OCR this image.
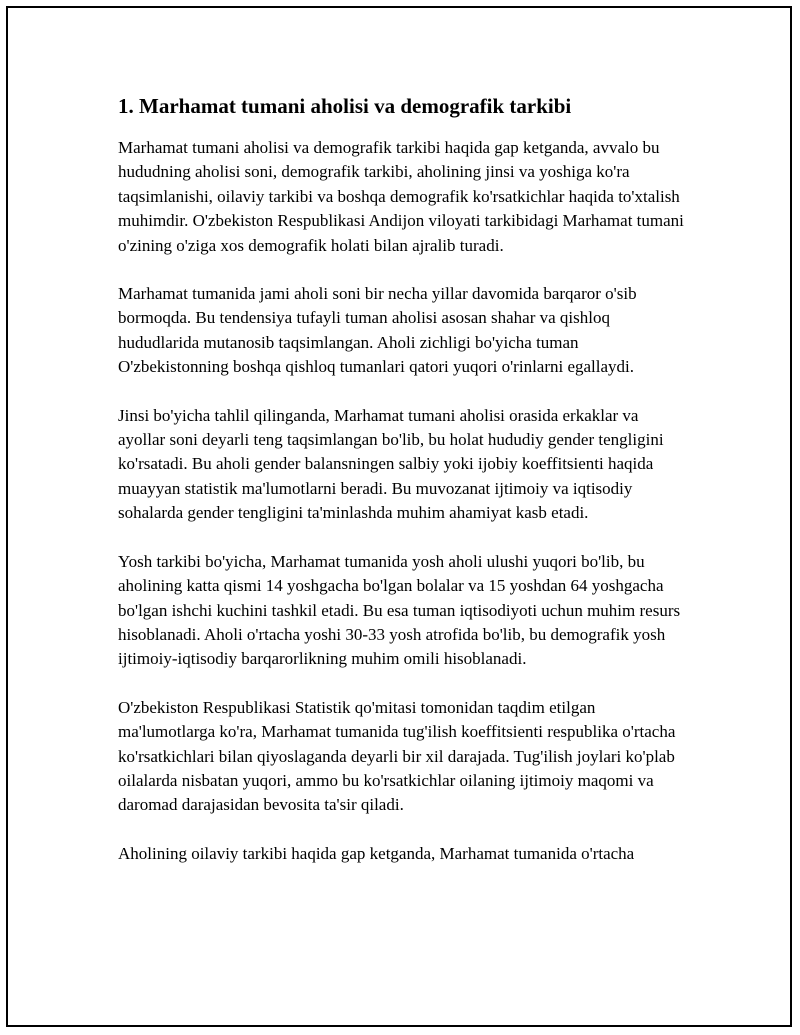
1. Marhamat tumani aholisi va demografik tarkibi

Marhamat tumani aholisi va demografik tarkibi haqida gap ketganda, avvalo bu hududning aholisi soni, demografik tarkibi, aholining jinsi va yoshiga ko'ra taqsimlanishi, oilaviy tarkibi va boshqa demografik ko'rsatkichlar haqida to'xtalish muhimdir. O'zbekiston Respublikasi Andijon viloyati tarkibidagi Marhamat tumani o'zining o'ziga xos demografik holati bilan ajralib turadi.

Marhamat tumanida jami aholi soni bir necha yillar davomida barqaror o'sib bormoqda. Bu tendensiya tufayli tuman aholisi asosan shahar va qishloq hududlarida mutanosib taqsimlangan. Aholi zichligi bo'yicha tuman O'zbekistonning boshqa qishloq tumanlari qatori yuqori o'rinlarni egallaydi.

Jinsi bo'yicha tahlil qilinganda, Marhamat tumani aholisi orasida erkaklar va ayollar soni deyarli teng taqsimlangan bo'lib, bu holat hududiy gender tengligini ko'rsatadi. Bu aholi gender balansningen salbiy yoki ijobiy koeffitsienti haqida muayyan statistik ma'lumotlarni beradi. Bu muvozanat ijtimoiy va iqtisodiy sohalarda gender tengligini ta'minlashda muhim ahamiyat kasb etadi.

Yosh tarkibi bo'yicha, Marhamat tumanida yosh aholi ulushi yuqori bo'lib, bu aholining katta qismi 14 yoshgacha bo'lgan bolalar va 15 yoshdan 64 yoshgacha bo'lgan ishchi kuchini tashkil etadi. Bu esa tuman iqtisodiyoti uchun muhim resurs hisoblanadi. Aholi o'rtacha yoshi 30-33 yosh atrofida bo'lib, bu demografik yosh ijtimoiy-iqtisodiy barqarorlikning muhim omili hisoblanadi.

O'zbekiston Respublikasi Statistik qo'mitasi tomonidan taqdim etilgan ma'lumotlarga ko'ra, Marhamat tumanida tug'ilish koeffitsienti respublika o'rtacha ko'rsatkichlari bilan qiyoslaganda deyarli bir xil darajada. Tug'ilish joylari ko'plab oilalarda nisbatan yuqori, ammo bu ko'rsatkichlar oilaning ijtimoiy maqomi va daromad darajasidan bevosita ta'sir qiladi.

Aholining oilaviy tarkibi haqida gap ketganda, Marhamat tumanida o'rtacha
